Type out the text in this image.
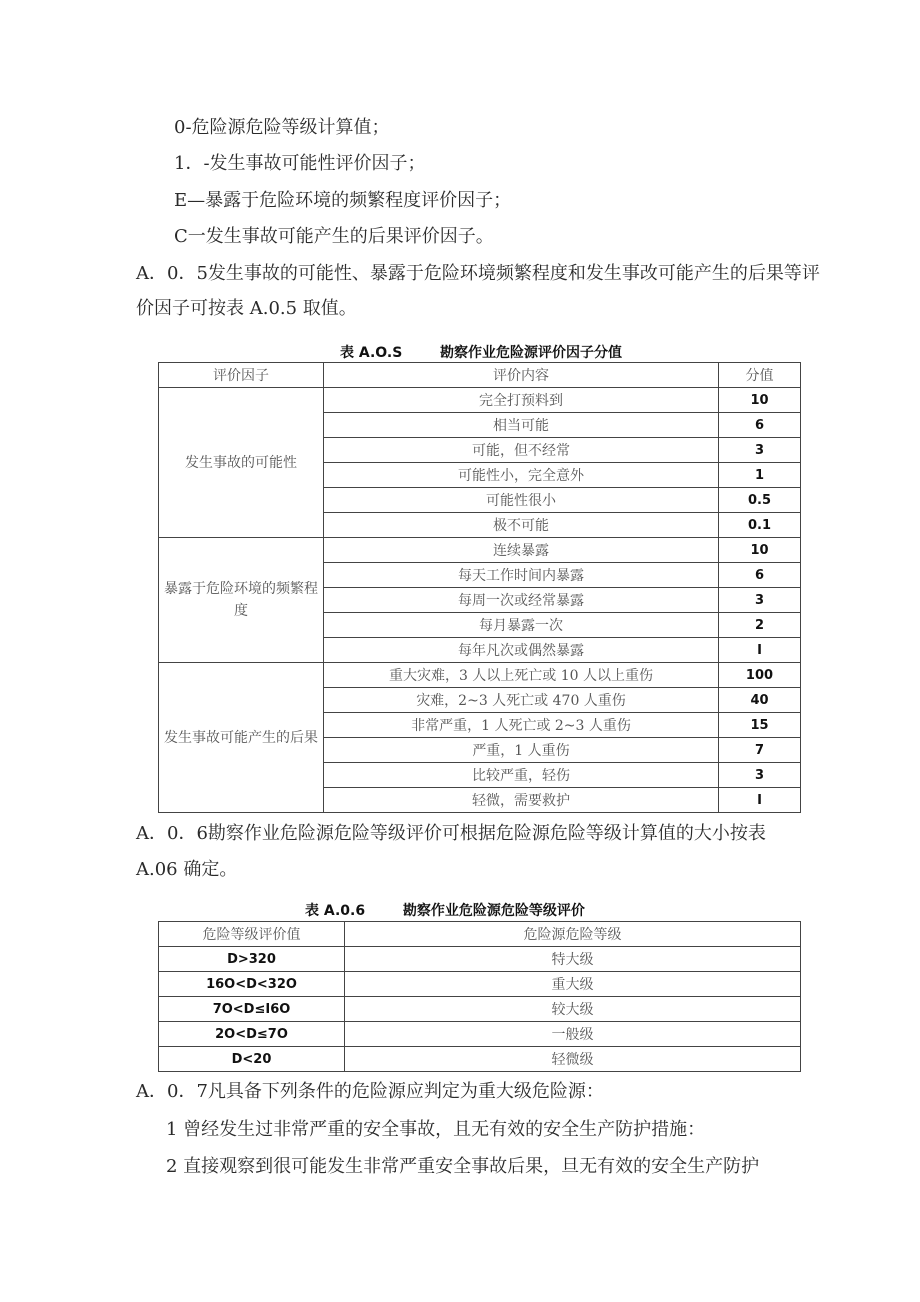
0-危险源危险等级计算值；
1．-发生事故可能性评价因子；
E—暴露于危险环境的频繁程度评价因子；
C一发生事故可能产生的后果评价因子。
A．0．5发生事故的可能性、暴露于危险环境频繁程度和发生事改可能产生的后果等评
价因子可按表 A.0.5 取值。
表 A.O.S	勘察作业危险源评价因子分值
评价因子	评价内容	分值
发生事故的可能性	完全打预料到	10
	相当可能	6
	可能，但不经常	3
	可能性小，完全意外	1
	可能性很小	0.5
	极不可能	0.1
暴露于危险环境的频繁程度	连续暴露	10
	每天工作时间内暴露	6
	每周一次或经常暴露	3
	每月暴露一次	2
	每年凡次或偶然暴露	I
发生事故可能产生的后果	重大灾难，3 人以上死亡或 10 人以上重伤	100
	灾难，2~3 人死亡或 470 人重伤	40
	非常严重，1 人死亡或 2~3 人重伤	15
	严重，1 人重伤	7
	比较严重，轻伤	3
	轻微，需要救护	I
A．0．6勘察作业危险源危险等级评价可根据危险源危险等级计算值的大小按表
A.06 确定。
表 A.0.6	勘察作业危险源危险等级评价
危险等级评价值	危险源危险等级
D>320	特大级
16O<D<32O	重大级
7O<D≤I6O	较大级
2O<D≤7O	一般级
D<20	轻微级
A．0．7凡具备下列条件的危险源应判定为重大级危险源：
1 曾经发生过非常严重的安全事故，且无有效的安全生产防护措施：
2 直接观察到很可能发生非常严重安全事故后果，旦无有效的安全生产防护
